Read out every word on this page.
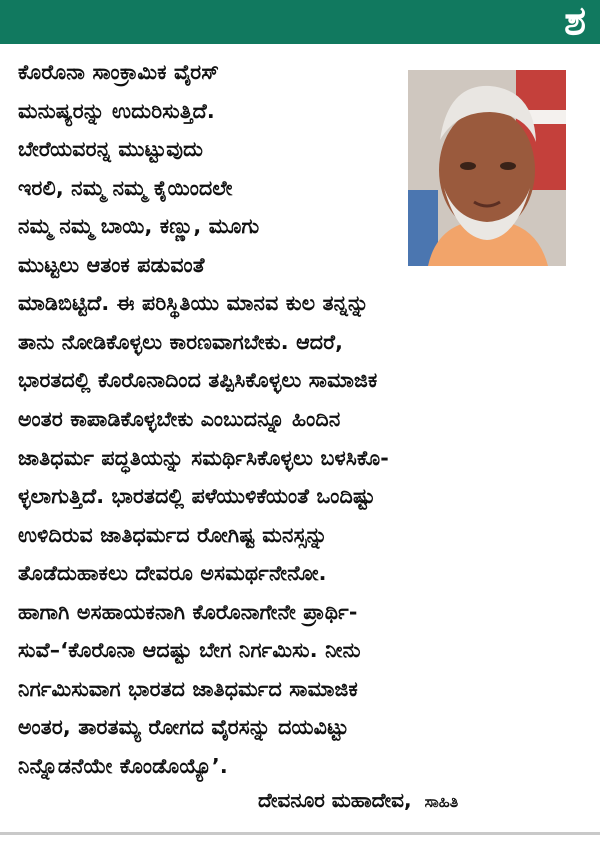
ಶ
ಕೊರೊನಾ ಸಾಂಕ್ರಾಮಿಕ ವೈರಸ್
ಮನುಷ್ಯರನ್ನು ಉದುರಿಸುತ್ತಿದೆ.
ಬೇರೆಯವರನ್ನ ಮುಟ್ಟುವುದು
ಇರಲಿ, ನಮ್ಮ ನಮ್ಮ ಕೈಯಿಂದಲೇ
ನಮ್ಮ ನಮ್ಮ ಬಾಯಿ, ಕಣ್ಣು, ಮೂಗು
ಮುಟ್ಟಲು ಆತಂಕ ಪಡುವಂತೆ
ಮಾಡಿಬಿಟ್ಟಿದೆ. ಈ ಪರಿಸ್ಥಿತಿಯು ಮಾನವ ಕುಲ ತನ್ನನ್ನು
ತಾನು ನೋಡಿಕೊಳ್ಳಲು ಕಾರಣವಾಗಬೇಕು. ಆದರೆ,
ಭಾರತದಲ್ಲಿ ಕೊರೊನಾದಿಂದ ತಪ್ಪಿಸಿಕೊಳ್ಳಲು ಸಾಮಾಜಿಕ
ಅಂತರ ಕಾಪಾಡಿಕೊಳ್ಳಬೇಕು ಎಂಬುದನ್ನೂ ಹಿಂದಿನ
ಜಾತಿಧರ್ಮ ಪದ್ಧತಿಯನ್ನು ಸಮರ್ಥಿಸಿಕೊಳ್ಳಲು ಬಳಸಿಕೊ-
ಳ್ಳಲಾಗುತ್ತಿದೆ. ಭಾರತದಲ್ಲಿ ಪಳೆಯುಳಿಕೆಯಂತೆ ಒಂದಿಷ್ಟು
ಉಳಿದಿರುವ ಜಾತಿಧರ್ಮದ ರೋಗಿಷ್ಟ ಮನಸ್ಸನ್ನು
ತೊಡೆದುಹಾಕಲು ದೇವರೂ ಅಸಮರ್ಥನೇನೋ.
ಹಾಗಾಗಿ ಅಸಹಾಯಕನಾಗಿ ಕೊರೊನಾಗೇನೇ ಪ್ರಾರ್ಥಿ-
ಸುವೆ–‘ಕೊರೊನಾ ಆದಷ್ಟು ಬೇಗ ನಿರ್ಗಮಿಸು. ನೀನು
ನಿರ್ಗಮಿಸುವಾಗ ಭಾರತದ ಜಾತಿಧರ್ಮದ ಸಾಮಾಜಿಕ
ಅಂತರ, ತಾರತಮ್ಯ ರೋಗದ ವೈರಸನ್ನು ದಯವಿಟ್ಟು
ನಿನ್ನೊಡನೆಯೇ ಕೊಂಡೊಯ್ಯೊ’.
ದೇವನೂರ ಮಹಾದೇವ, ಸಾಹಿತಿ
